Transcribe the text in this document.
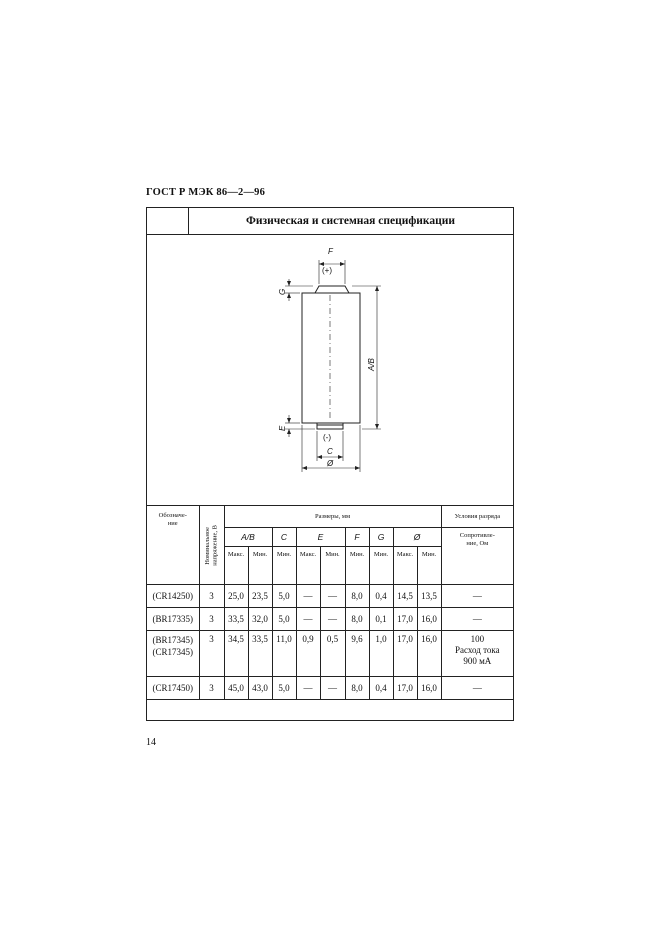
ГОСТ Р МЭК 86—2—96
Физическая и системная спецификации
F
(+)
G
A/B
E
(-)
C
Ø
Обозначе-
ние	Номинальное
напряжение, В	Размеры, мм									Условия разряда
		A/B		C	E		F	G	Ø		Сопротивле-
ние, Ом
		Макс.	Мин.	Мин.	Макс.	Мин.	Мин.	Мин.	Макс.	Мин.	
(CR14250)	3	25,0	23,5	5,0	—	—	8,0	0,4	14,5	13,5	—
(BR17335)	3	33,5	32,0	5,0	—	—	8,0	0,1	17,0	16,0	—
(BR17345)
(CR17345)	3	34,5	33,5	11,0	0,9	0,5	9,6	1,0	17,0	16,0	100
Расход тока
900 мА
(CR17450)	3	45,0	43,0	5,0	—	—	8,0	0,4	17,0	16,0	—

14
